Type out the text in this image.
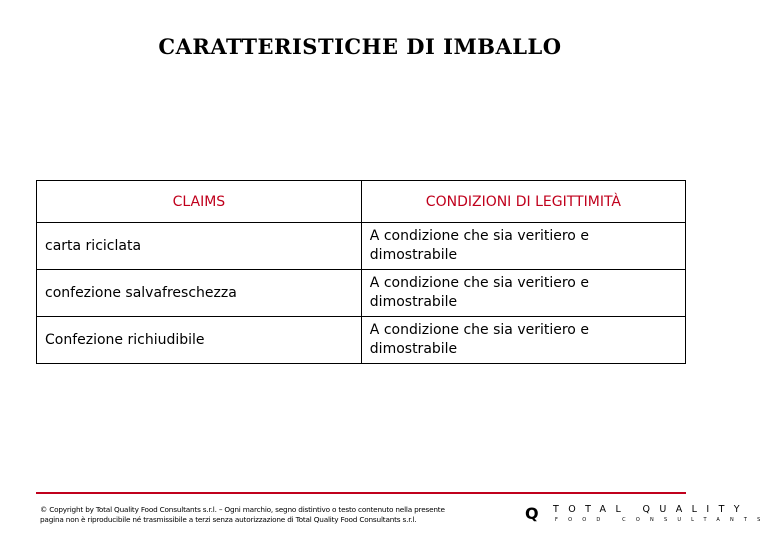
CARATTERISTICHE DI IMBALLO
CLAIMS	CONDIZIONI DI LEGITTIMITÀ
carta riciclata	A condizione che sia veritiero e dimostrabile
confezione salvafreschezza	A condizione che sia veritiero e dimostrabile
Confezione richiudibile	A condizione che sia veritiero e dimostrabile
© Copyright by Total Quality Food Consultants s.r.l. – Ogni marchio, segno distintivo o testo contenuto nella presente
pagina non è riproducibile né trasmissibile a terzi senza autorizzazione di Total Quality Food Consultants s.r.l.	Q TOTAL QUALITY
FOOD CONSULTANTS
